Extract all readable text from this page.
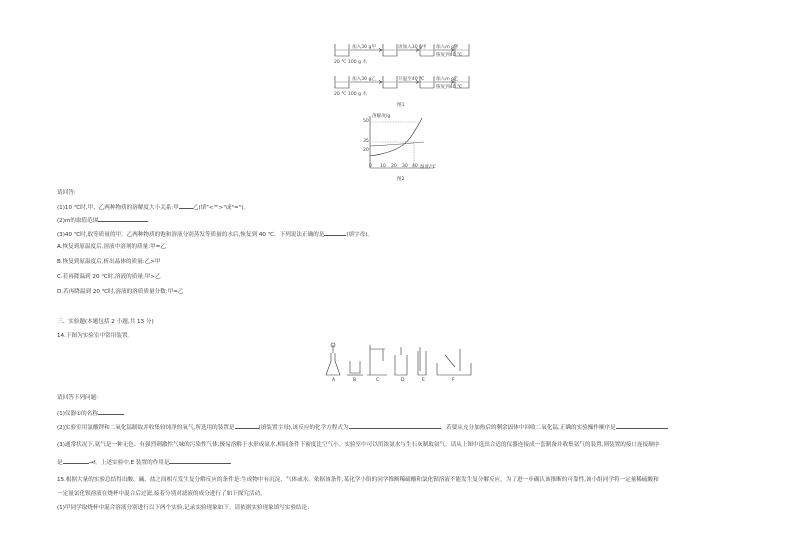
20 ℃ 100 g 水
加入30 g甲	再加入30 g甲 加入m g甲
恢复到40 ℃
20 ℃ 100 g 水
加入30 g乙	升温至40 ℃	加入m g乙
恢复到40 ℃
图1
溶解度/g
温度/℃
50
35
20
0 10 20 30 40
图2
请回答:
(1)10 ℃时,甲、乙两种物质的溶解度大小关系:甲	乙(填"<"">"或"=")。
(2)m的取值范围
(3)40 ℃时,取等质量的甲、乙两种物质的饱和溶液分别蒸发等质量的水后,恢复到 40 ℃。下列说法正确的是	(填字母)。
A.恢复到原温度后,溶液中溶剂的质量:甲=乙
B.恢复到原温度后,析出晶体的质量:乙>甲
C.若再降温到 20 ℃时,溶液的质量:甲>乙
D.若再降温到 20 ℃时,溶液的溶质质量分数:甲=乙
三、实验题(本题包括 2 小题,共 13 分)
14.下图为实验室中常用装置。
A	B	C	D	E	F
请回答下列问题:
(1)仪器①的名称
(2)实验室用氯酸钾和二氧化锰制取并收集较纯净的氧气,所选用的装置是	(填装置字母),该反应的化学方程式为	。若要从充分加热后的剩余固体中回收二氧化锰,正确的实验操作顺序是
(3)通常状况下,氨气是一种无色、有强烈刺激性气味的污染性气体,极易溶解于水形成氨水,相同条件下密度比空气小。实验室中可以用浓氨水与生石灰制取氨气。请从上图中选出合适的仪器连接成一套制备并收集氨气的装置,则装置的接口连接顺序
是	→f。上述实验中,E 装置的作用是
15.根据大量的实验总结得出酸、碱、盐之间相互发生复分解反应的条件是:生成物中有沉淀、气体或水。依据该条件,某化学小组的同学推断稀硫酸和氯化钡溶液不能发生复分解反应。为了进一步确认该推断的可靠性,该小组同学将一定量稀硫酸和
一定量氯化钡溶液在烧杯中混合后过滤,接着分别对滤液的成分进行了如下探究活动。
(1)甲同学取烧杯中混合溶液分别进行以下两个实验,记录实验现象如下。请依据实验现象填写实验结论:
